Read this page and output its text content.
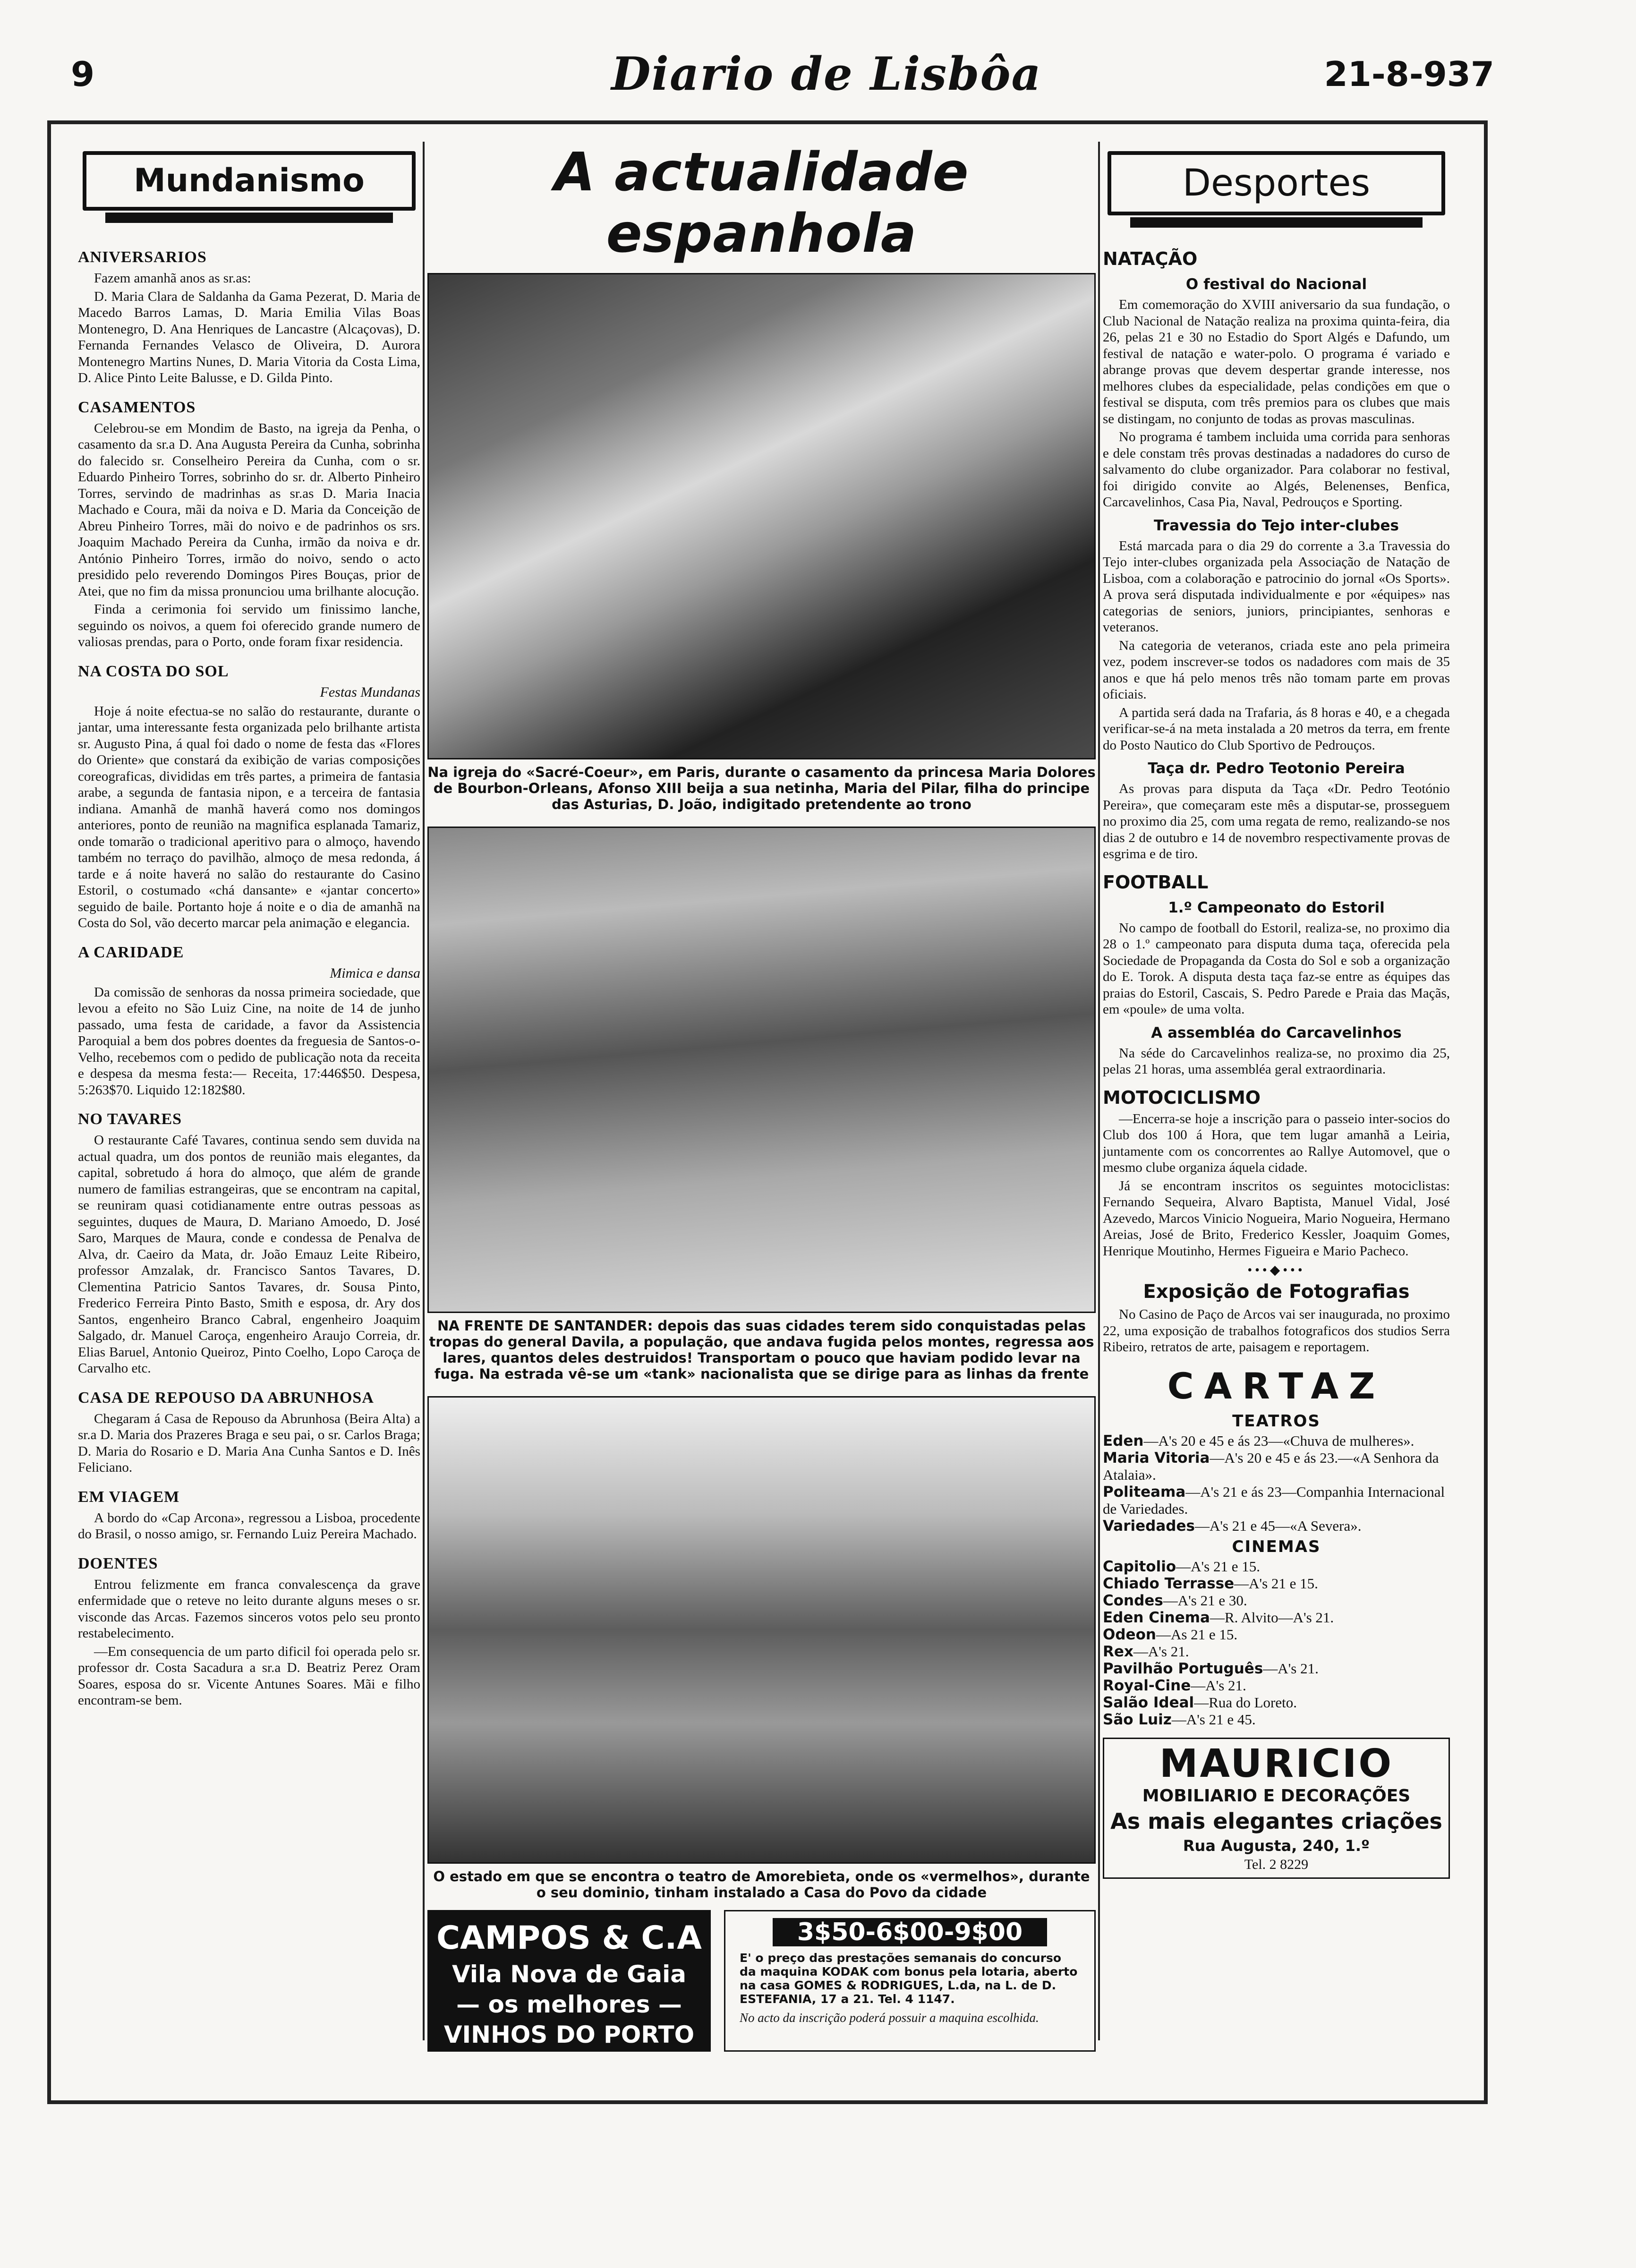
9	Diario de Lisbôa	21-8-937
Mundanismo
ANIVERSARIOS

Fazem amanhã anos as sr.as:

D. Maria Clara de Saldanha da Gama Pezerat, D. Maria de Macedo Barros Lamas, D. Maria Emilia Vilas Boas Montenegro, D. Ana Henriques de Lancastre (Alcaçovas), D. Fernanda Fernandes Velasco de Oliveira, D. Aurora Montenegro Martins Nunes, D. Maria Vitoria da Costa Lima, D. Alice Pinto Leite Balusse, e D. Gilda Pinto.

CASAMENTOS

Celebrou-se em Mondim de Basto, na igreja da Penha, o casamento da sr.a D. Ana Augusta Pereira da Cunha, sobrinha do falecido sr. Conselheiro Pereira da Cunha, com o sr. Eduardo Pinheiro Torres, sobrinho do sr. dr. Alberto Pinheiro Torres, servindo de madrinhas as sr.as D. Maria Inacia Machado e Coura, mãi da noiva e D. Maria da Conceição de Abreu Pinheiro Torres, mãi do noivo e de padrinhos os srs. Joaquim Machado Pereira da Cunha, irmão da noiva e dr. António Pinheiro Torres, irmão do noivo, sendo o acto presidido pelo reverendo Domingos Pires Bouças, prior de Atei, que no fim da missa pronunciou uma brilhante alocução.

Finda a cerimonia foi servido um finissimo lanche, seguindo os noivos, a quem foi oferecido grande numero de valiosas prendas, para o Porto, onde foram fixar residencia.

NA COSTA DO SOL
Festas Mundanas

Hoje á noite efectua-se no salão do restaurante, durante o jantar, uma interessante festa organizada pelo brilhante artista sr. Augusto Pina, á qual foi dado o nome de festa das «Flores do Oriente» que constará da exibição de varias composições coreograficas, divididas em três partes, a primeira de fantasia arabe, a segunda de fantasia nipon, e a terceira de fantasia indiana. Amanhã de manhã haverá como nos domingos anteriores, ponto de reunião na magnifica esplanada Tamariz, onde tomarão o tradicional aperitivo para o almoço, havendo também no terraço do pavilhão, almoço de mesa redonda, á tarde e á noite haverá no salão do restaurante do Casino Estoril, o costumado «chá dansante» e «jantar concerto» seguido de baile. Portanto hoje á noite e o dia de amanhã na Costa do Sol, vão decerto marcar pela animação e elegancia.

A CARIDADE
Mimica e dansa

Da comissão de senhoras da nossa primeira sociedade, que levou a efeito no São Luiz Cine, na noite de 14 de junho passado, uma festa de caridade, a favor da Assistencia Paroquial a bem dos pobres doentes da freguesia de Santos-o-Velho, recebemos com o pedido de publicação nota da receita e despesa da mesma festa:— Receita, 17:446$50. Despesa, 5:263$70. Liquido 12:182$80.

NO TAVARES

O restaurante Café Tavares, continua sendo sem duvida na actual quadra, um dos pontos de reunião mais elegantes, da capital, sobretudo á hora do almoço, que além de grande numero de familias estrangeiras, que se encontram na capital, se reuniram quasi cotidianamente entre outras pessoas as seguintes, duques de Maura, D. Mariano Amoedo, D. José Saro, Marques de Maura, conde e condessa de Penalva de Alva, dr. Caeiro da Mata, dr. João Emauz Leite Ribeiro, professor Amzalak, dr. Francisco Santos Tavares, D. Clementina Patricio Santos Tavares, dr. Sousa Pinto, Frederico Ferreira Pinto Basto, Smith e esposa, dr. Ary dos Santos, engenheiro Branco Cabral, engenheiro Joaquim Salgado, dr. Manuel Caroça, engenheiro Araujo Correia, dr. Elias Baruel, Antonio Queiroz, Pinto Coelho, Lopo Caroça de Carvalho etc.

CASA DE REPOUSO DA ABRUNHOSA

Chegaram á Casa de Repouso da Abrunhosa (Beira Alta) a sr.a D. Maria dos Prazeres Braga e seu pai, o sr. Carlos Braga; D. Maria do Rosario e D. Maria Ana Cunha Santos e D. Inês Feliciano.

EM VIAGEM

A bordo do «Cap Arcona», regressou a Lisboa, procedente do Brasil, o nosso amigo, sr. Fernando Luiz Pereira Machado.

DOENTES

Entrou felizmente em franca convalescença da grave enfermidade que o reteve no leito durante alguns meses o sr. visconde das Arcas. Fazemos sinceros votos pelo seu pronto restabelecimento.

—Em consequencia de um parto dificil foi operada pelo sr. professor dr. Costa Sacadura a sr.a D. Beatriz Perez Oram Soares, esposa do sr. Vicente Antunes Soares. Mãi e filho encontram-se bem.

A actualidade espanhola
Na igreja do «Sacré-Coeur», em Paris, durante o casamento da princesa Maria Dolores de Bourbon-Orleans, Afonso XIII beija a sua netinha, Maria del Pilar, filha do principe das Asturias, D. João, indigitado pretendente ao trono
NA FRENTE DE SANTANDER: depois das suas cidades terem sido conquistadas pelas tropas do general Davila, a população, que andava fugida pelos montes, regressa aos lares, quantos deles destruidos! Transportam o pouco que haviam podido levar na fuga. Na estrada vê-se um «tank» nacionalista que se dirige para as linhas da frente
O estado em que se encontra o teatro de Amorebieta, onde os «vermelhos», durante o seu dominio, tinham instalado a Casa do Povo da cidade
CAMPOS & C.A
Vila Nova de Gaia
— os melhores —
VINHOS DO PORTO
3$50-6$00-9$00
E' o preço das prestações semanais do concurso da maquina KODAK com bonus pela lotaria, aberto na casa GOMES & RODRIGUES, L.da, na L. de D. ESTEFANIA, 17 a 21. Tel. 4 1147.
No acto da inscrição poderá possuir a maquina escolhida.
Desportes
NATAÇÃO
O festival do Nacional

Em comemoração do XVIII aniversario da sua fundação, o Club Nacional de Natação realiza na proxima quinta-feira, dia 26, pelas 21 e 30 no Estadio do Sport Algés e Dafundo, um festival de natação e water-polo. O programa é variado e abrange provas que devem despertar grande interesse, nos melhores clubes da especialidade, pelas condições em que o festival se disputa, com três premios para os clubes que mais se distingam, no conjunto de todas as provas masculinas.

No programa é tambem incluida uma corrida para senhoras e dele constam três provas destinadas a nadadores do curso de salvamento do clube organizador. Para colaborar no festival, foi dirigido convite ao Algés, Belenenses, Benfica, Carcavelinhos, Casa Pia, Naval, Pedrouços e Sporting.

Travessia do Tejo inter-clubes

Está marcada para o dia 29 do corrente a 3.a Travessia do Tejo inter-clubes organizada pela Associação de Natação de Lisboa, com a colaboração e patrocinio do jornal «Os Sports». A prova será disputada individualmente e por «équipes» nas categorias de seniors, juniors, principiantes, senhoras e veteranos.

Na categoria de veteranos, criada este ano pela primeira vez, podem inscrever-se todos os nadadores com mais de 35 anos e que há pelo menos três não tomam parte em provas oficiais.

A partida será dada na Trafaria, ás 8 horas e 40, e a chegada verificar-se-á na meta instalada a 20 metros da terra, em frente do Posto Nautico do Club Sportivo de Pedrouços.

Taça dr. Pedro Teotonio Pereira

As provas para disputa da Taça «Dr. Pedro Teotónio Pereira», que começaram este mês a disputar-se, prosseguem no proximo dia 25, com uma regata de remo, realizando-se nos dias 2 de outubro e 14 de novembro respectivamente provas de esgrima e de tiro.

FOOTBALL
1.º Campeonato do Estoril

No campo de football do Estoril, realiza-se, no proximo dia 28 o 1.º campeonato para disputa duma taça, oferecida pela Sociedade de Propaganda da Costa do Sol e sob a organização do E. Torok. A disputa desta taça faz-se entre as équipes das praias do Estoril, Cascais, S. Pedro Parede e Praia das Maçãs, em «poule» de uma volta.

A assembléa do Carcavelinhos

Na séde do Carcavelinhos realiza-se, no proximo dia 25, pelas 21 horas, uma assembléa geral extraordinaria.

MOTOCICLISMO

—Encerra-se hoje a inscrição para o passeio inter-socios do Club dos 100 á Hora, que tem lugar amanhã a Leiria, juntamente com os concorrentes ao Rallye Automovel, que o mesmo clube organiza áquela cidade.

Já se encontram inscritos os seguintes motociclistas: Fernando Sequeira, Alvaro Baptista, Manuel Vidal, José Azevedo, Marcos Vinicio Nogueira, Mario Nogueira, Hermano Areias, José de Brito, Frederico Kessler, Joaquim Gomes, Henrique Moutinho, Hermes Figueira e Mario Pacheco.

•••◆•••
Exposição de Fotografias

No Casino de Paço de Arcos vai ser inaugurada, no proximo 22, uma exposição de trabalhos fotograficos dos studios Serra Ribeiro, retratos de arte, paisagem e reportagem.

CARTAZ
TEATROS

Eden—A's 20 e 45 e ás 23—«Chuva de mulheres».

Maria Vitoria—A's 20 e 45 e ás 23.—«A Senhora da Atalaia».

Politeama—A's 21 e ás 23—Companhia Internacional de Variedades.

Variedades—A's 21 e 45—«A Severa».

CINEMAS

Capitolio—A's 21 e 15.

Chiado Terrasse—A's 21 e 15.

Condes—A's 21 e 30.

Eden Cinema—R. Alvito—A's 21.

Odeon—As 21 e 15.

Rex—A's 21.

Pavilhão Português—A's 21.

Royal-Cine—A's 21.

Salão Ideal—Rua do Loreto.

São Luiz—A's 21 e 45.

MAURICIO
MOBILIARIO E DECORAÇÕES
As mais elegantes criações
Rua Augusta, 240, 1.º
Tel. 2 8229
